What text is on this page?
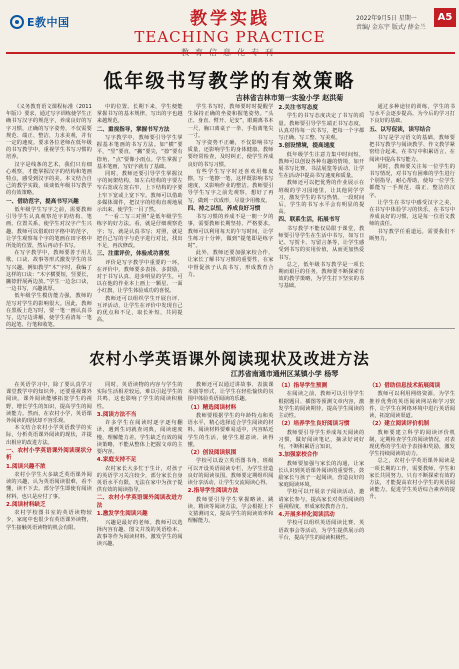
E教中国	教学实践
TEACHING PRACTICE
2022年9月5日 星期一
责编/ 金东宇 版式/ 薛金兰
A5
低年级书写教学的有效策略
吉林省吉林市第一实验小学 赵洪菊

《义务教育语文课程标准（2011年版）》要求，通过写字训练使学生正确书写汉字的规范字，养成良好的写字习惯，正确的写字姿势，不仅需要规范、端正、整洁，力求美观，并有一定的速度。要求各位老师在低年级的书写教学中，重视学生书写习惯的培养。

汉字是线条的艺术，我们只有细心观察，才能掌握汉字的结构和笔画特点，感受到汉字的美。本文结合自己的教学实践，谈谈低年级书写教学的有效策略。

一、借助范字，提高书写兴趣

低年级学生写字之前，需要教师引导学生认真观察范字的结构、笔画、位置关系，使学生对汉字产生兴趣。教师可以借助田字格中的范字，让学生观察每个字的笔画在田字格中所处的位置，然后再动手书写。

在写字教学中，教师要善于用儿歌、口诀、故事等形式激发学生的书写兴趣。例如教学“木”字时，我编了这样的口诀：“木字横要短，竖要长，撇捺舒展两边放。”学生一边念口诀，一边书写，兴趣浓厚。

低年级学生模仿能力强，教师的范写对学生的影响很大。因此，教师在黑板上范写时，要一笔一画认真书写，边写边讲解，使学生看清每一笔的起笔、行笔和收笔。

中的位置。长期下来，学生便能掌握书写的基本规律，写出的字也越来越规范。

二、重视指导，掌握书写方法

写字教学中，教师要引导学生掌握基本笔画的书写方法。如“横”要平，“竖”要直，“撇”要尖，“捺”要有捺角，“点”要像小雨点。学生掌握了基本笔画，写好字就有了基础。

同时，教师还要引导学生掌握汉字的间架结构，如左右结构的字要左窄右宽或左宽右窄，上下结构的字要上窄下宽或上宽下窄。教师可以借助多媒体课件，把汉字的结构直观地展示出来，使学生一目了然。

“一看二写三对照”是低年级学生练字的好方法。看，就是仔细观察范字；写，就是认真书写；对照，就是把自己写的字与范字进行对比，找出不足，再次修改。

三、注重评价，体验成功喜悦

评价是写字教学中重要的一环。在评价中，教师要多表扬、多鼓励，对于书写认真、进步明显的学生，可以在他的作业本上画上一颗星、一面小红旗，让学生体验成功的喜悦。

教师还可以组织学生开展自评、互评活动，让学生在评价中发现自己的优点和不足，取长补短，共同提高。

学生书写时，教师要时时提醒学生保持正确的坐姿和握笔姿势。“头正、身直、臂开、足安”，眼睛离书本一尺，胸口离桌子一拳，手指离笔尖一寸。

写字姿势不正确，不仅影响书写质量，还影响学生的身体健康。教师要经常检查，及时纠正，使学生养成良好的书写习惯。

有些学生写字时还喜欢用橡皮擦，写一笔擦一笔，这样既影响书写速度，又影响作业的整洁。教师要引导学生写字之前先观察，想好了再写，做到一次成形，尽量少用橡皮。

四、持之以恒，养成良好习惯

书写习惯的养成不是一朝一夕的事，需要教师长期坚持、严格要求。教师可以利用每天的午写时间，让学生练习十分钟，做到“提笔即是练字时”。

此外，教师还要加强家校合作，让家长了解书写习惯的重要性，在家中督促孩子认真书写，形成教育合力。

2.关注书写态度

学生的书写态度决定了书写的质量。教师要引导学生端正书写态度，认真对待每一次书写，把每一个字都写正确、写工整、写美观。

3.创设情境，提高速度

低年级学生注意力集中时间短，教师可以创设各种有趣的情境，如开展书写比赛、书法展览等活动，让学生在活动中提高书写速度和质量。

教师还可以把优秀的作业展示在班级的学习园地里，让其他同学学习，激发学生的书写热情。一段时间后，学生的书写水平会有明显的提高。

四、联系生活，拓展书写

书写教学不能仅局限于课堂，教师要引导学生在生活中书写，如写日记、写贺卡、写留言条等，让学生感受到书写的实用价值，从而更加热爱书写。

总之，低年级书写教学是一项长期而艰巨的任务，教师要不断探索有效的教学策略，为学生打下坚实的书写基础。

通过多种途径的训练，学生的书写水平会逐步提高，为今后的学习打下良好的基础。

五、以写促读，读写结合

书写是学习语文的基础，教师要把书写教学与阅读教学、作文教学紧密结合起来，在书写中积累语言，在阅读中提高书写能力。

同时，教师要关注每一位学生的书写情况，对书写有困难的学生进行个别指导，耐心帮助，使每一位学生都能写一手规范、端正、整洁的汉字。

让学生在书写中感受汉字之美，在书写中体验学习的快乐，在书写中养成良好的习惯，这是每一位语文教师的责任。

书写教学任重道远，需要我们不断努力。

农村小学英语课外阅读现状及改进方法
江苏省南通市通州区某镇小学 杨琴

在英语学习中，除了要认真学习课堂教学中的知识外，还要重视课外阅读。课外阅读能够拓宽学生的视野，增长学生的知识，提高学生的阅读能力。然而，在农村小学，英语课外阅读的现状却不容乐观。

本文结合农村小学英语教学的实际，分析英语课外阅读的现状，并提出相应的改进方法。

一、农村小学英语课外阅读现状分析
1.阅读兴趣不浓

农村小学生大多缺乏英语课外阅读的兴趣，认为英语阅读很难，看不懂，读不下去。部分学生即使有阅读材料，也只是应付了事。

2.阅读材料缺乏

农村学校图书室的英语读物较少，家庭中也很少有英语课外读物，学生接触英语读物的机会有限。

同时，英语读物的内容与学生的实际生活相差较远，难以引起学生的共鸣，这也影响了学生的阅读积极性。

3.阅读方法不当

许多学生在阅读时逐字逐句翻译，遇到生词就查词典，阅读速度慢，理解能力差。学生缺乏有效的阅读策略，不能从整体上把握文章的主要内容。

4.家庭支持不足

农村家长大多忙于生计，对孩子的英语学习关注较少，部分家长自身英语水平有限，无法在家中为孩子提供有效的阅读指导。

二、农村小学英语课外阅读改进方法
1.激发学生阅读兴趣

兴趣是最好的老师。教师可以选择内容有趣、图文并茂的英语绘本、故事等作为阅读材料，激发学生的阅读兴趣。

教师还可以通过讲故事、表演课本剧等形式，让学生在轻松愉快的氛围中体验英语阅读的乐趣。

（1）精选阅读材料

教师要根据学生的年龄特点和英语水平，精心选择适合学生阅读的材料。阅读材料要难易适中，内容贴近学生的生活，使学生愿意读、读得懂。

（2）创设阅读氛围

学校可以设立英语图书角，班级可以开设英语阅读专栏，为学生营造良好的阅读氛围。教师要定期组织阅读分享活动，让学生交流阅读心得。

2.指导学生阅读方法

教师要引导学生掌握略读、跳读、精读等阅读方法，学会根据上下文猜测词义，提高学生的阅读效率和理解能力。

（1）指导学生预测

在阅读之前，教师可以引导学生根据题目、插图等预测文章内容，激发学生的阅读期待，提高学生阅读的主动性。

（2）培养学生良好阅读习惯

教师要引导学生养成每天阅读的习惯，做好阅读笔记，摘录好词好句，不断积累语言知识。

3.加强家校合作

教师要加强与家长的沟通，让家长认识到英语课外阅读的重要性，鼓励家长与孩子一起阅读，营造良好的家庭阅读环境。

学校可以开展亲子阅读活动，邀请家长参与，提高家长对英语阅读的重视程度，形成家校教育合力。

4.开展多样化阅读活动

学校可以组织英语阅读比赛、英语故事会等活动，为学生提供展示的平台，提高学生的阅读积极性。

（1）借助信息技术拓展阅读

教师可以利用网络资源，为学生推荐优秀的英语阅读网站和学习软件，让学生在网络环境中进行英语阅读，拓宽阅读渠道。

（2）建立阅读评价机制

教师要建立科学的阅读评价机制，定期检查学生的阅读情况，对表现优秀的学生给予表扬和奖励，激发学生持续阅读的动力。

总之，农村小学英语课外阅读是一项长期的工作，需要教师、学生和家长共同努力。只有不断探索有效的方法，才能提高农村小学生的英语阅读能力，促进学生英语综合素养的提升。
